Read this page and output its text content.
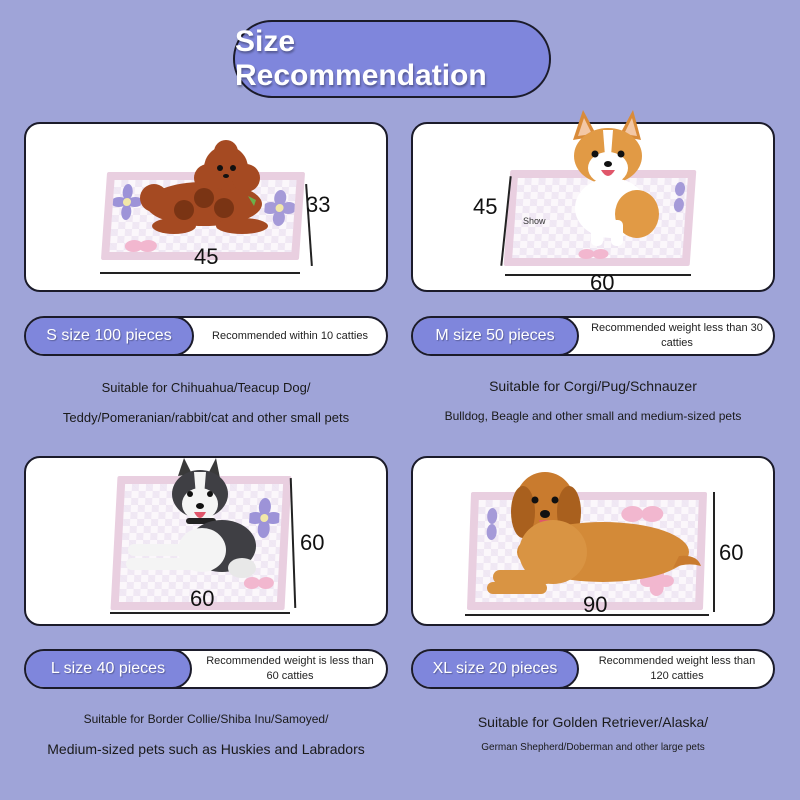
Size Recommendation
45
33
Show
60
45
S size 100 pieces	Recommended within 10 catties
Suitable for Chihuahua/Teacup Dog/
Teddy/Pomeranian/rabbit/cat and other small pets
M size 50 pieces	Recommended weight less than 30 catties
Suitable for Corgi/Pug/Schnauzer
Bulldog, Beagle and other small and medium-sized pets
60
60
90
60
L size 40 pieces	Recommended weight is less than 60 catties
Suitable for Border Collie/Shiba Inu/Samoyed/
Medium-sized pets such as Huskies and Labradors
XL size 20 pieces	Recommended weight less than 120 catties
Suitable for Golden Retriever/Alaska/
German Shepherd/Doberman and other large pets
